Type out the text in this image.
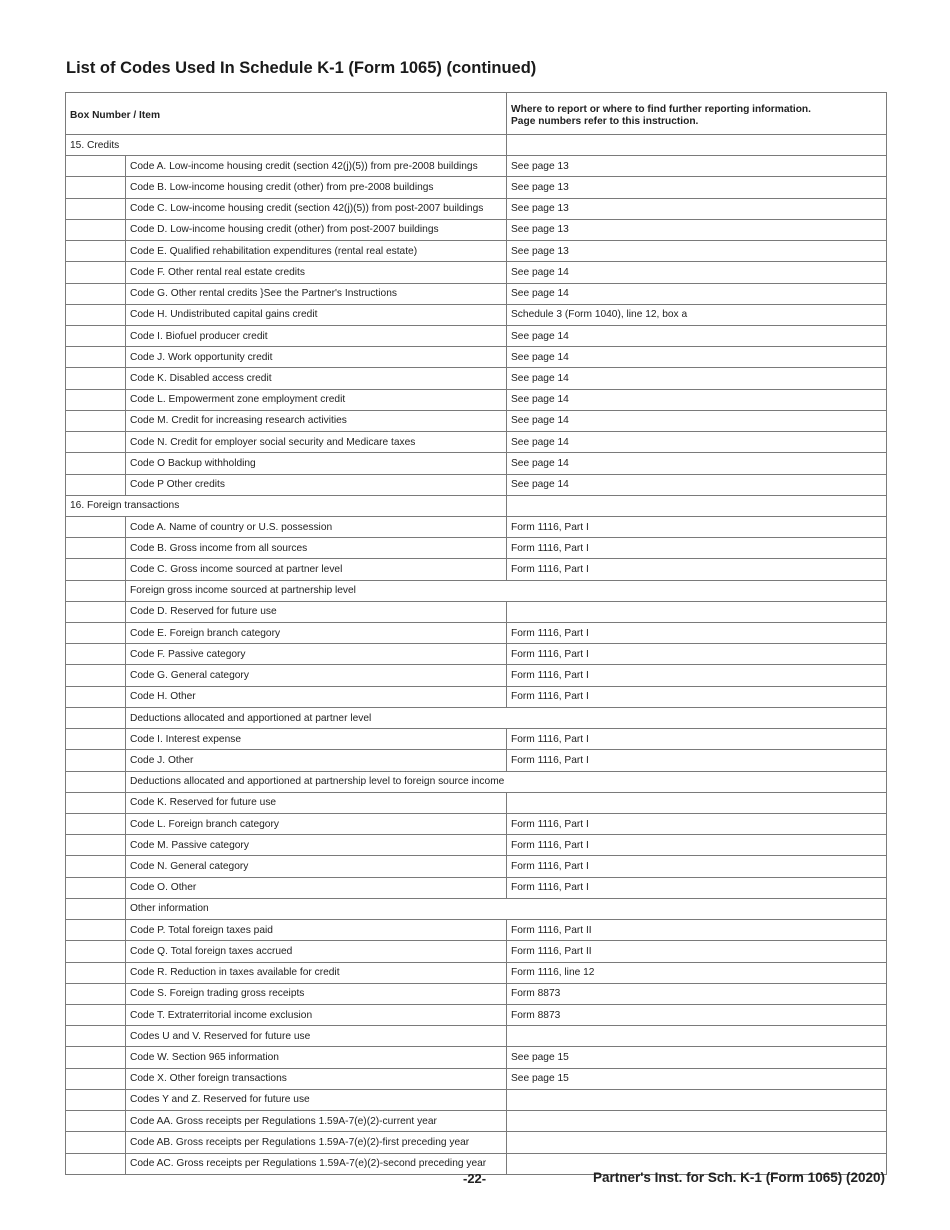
List of Codes Used In Schedule K-1 (Form 1065) (continued)
Box Number / Item		Where to report or where to find further reporting information.
Page numbers refer to this instruction.

15. Credits		
	Code A. Low-income housing credit (section 42(j)(5)) from pre-2008 buildings	See page 13
	Code B. Low-income housing credit (other) from pre-2008 buildings	See page 13
	Code C. Low-income housing credit (section 42(j)(5)) from post-2007 buildings	See page 13
	Code D. Low-income housing credit (other) from post-2007 buildings	See page 13
	Code E. Qualified rehabilitation expenditures (rental real estate)	See page 13
	Code F. Other rental real estate credits	See page 14
	Code G. Other rental credits }See the Partner's Instructions	See page 14
	Code H. Undistributed capital gains credit	Schedule 3 (Form 1040), line 12, box a
	Code I. Biofuel producer credit	See page 14
	Code J. Work opportunity credit	See page 14
	Code K. Disabled access credit	See page 14
	Code L. Empowerment zone employment credit	See page 14
	Code M. Credit for increasing research activities	See page 14
	Code N. Credit for employer social security and Medicare taxes	See page 14
	Code O Backup withholding	See page 14
	Code P Other credits	See page 14
16. Foreign transactions		
	Code A. Name of country or U.S. possession	Form 1116, Part I
	Code B. Gross income from all sources	Form 1116, Part I
	Code C. Gross income sourced at partner level	Form 1116, Part I
	Foreign gross income sourced at partnership level	
	Code D. Reserved for future use	
	Code E. Foreign branch category	Form 1116, Part I
	Code F. Passive category	Form 1116, Part I
	Code G. General category	Form 1116, Part I
	Code H. Other	Form 1116, Part I
	Deductions allocated and apportioned at partner level	
	Code I. Interest expense	Form 1116, Part I
	Code J. Other	Form 1116, Part I
	Deductions allocated and apportioned at partnership level to foreign source income	
	Code K. Reserved for future use	
	Code L. Foreign branch category	Form 1116, Part I
	Code M. Passive category	Form 1116, Part I
	Code N. General category	Form 1116, Part I
	Code O. Other	Form 1116, Part I
	Other information	
	Code P. Total foreign taxes paid	Form 1116, Part II
	Code Q. Total foreign taxes accrued	Form 1116, Part II
	Code R. Reduction in taxes available for credit	Form 1116, line 12
	Code S. Foreign trading gross receipts	Form 8873
	Code T. Extraterritorial income exclusion	Form 8873
	Codes U and V. Reserved for future use	
	Code W. Section 965 information	See page 15
	Code X. Other foreign transactions	See page 15
	Codes Y and Z. Reserved for future use	
	Code AA. Gross receipts per Regulations 1.59A-7(e)(2)-current year	
	Code AB. Gross receipts per Regulations 1.59A-7(e)(2)-first preceding year	
	Code AC. Gross receipts per Regulations 1.59A-7(e)(2)-second preceding year	
-22-	Partner's Inst. for Sch. K-1 (Form 1065) (2020)
